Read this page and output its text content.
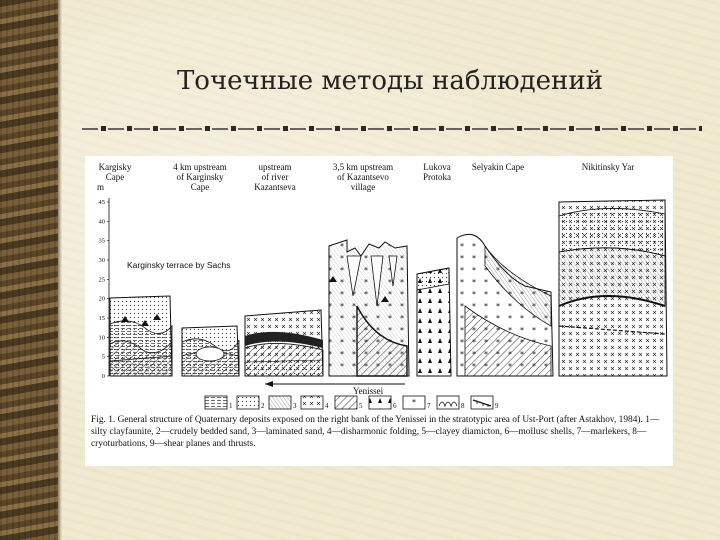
Точечные методы наблюдений
Kargisky Cape
4 km upstream of Karginsky Cape
upstream of river Kazantseva
3,5 km upstream of Kazantsevo village
Lukova Protoka
Selyakin Cape	Nikitinsky Yar
m
45
40
35
30
25
20
15
10
5
0
Karginsky terrace by Sachs
Yenissei
1	2	3	4	5	6	7	8	9
Fig. 1. General structure of Quaternary deposits exposed on the right bank of the Yenissei in the stratotypic area of Ust-Port (after Astakhov, 1984). 1—silty clayfaunite, 2—crudely bedded sand, 3—laminated sand, 4—disharmonic folding, 5—clayey diamicton, 6—mollusc shells, 7—marlekers, 8—cryoturbations, 9—shear planes and thrusts.
